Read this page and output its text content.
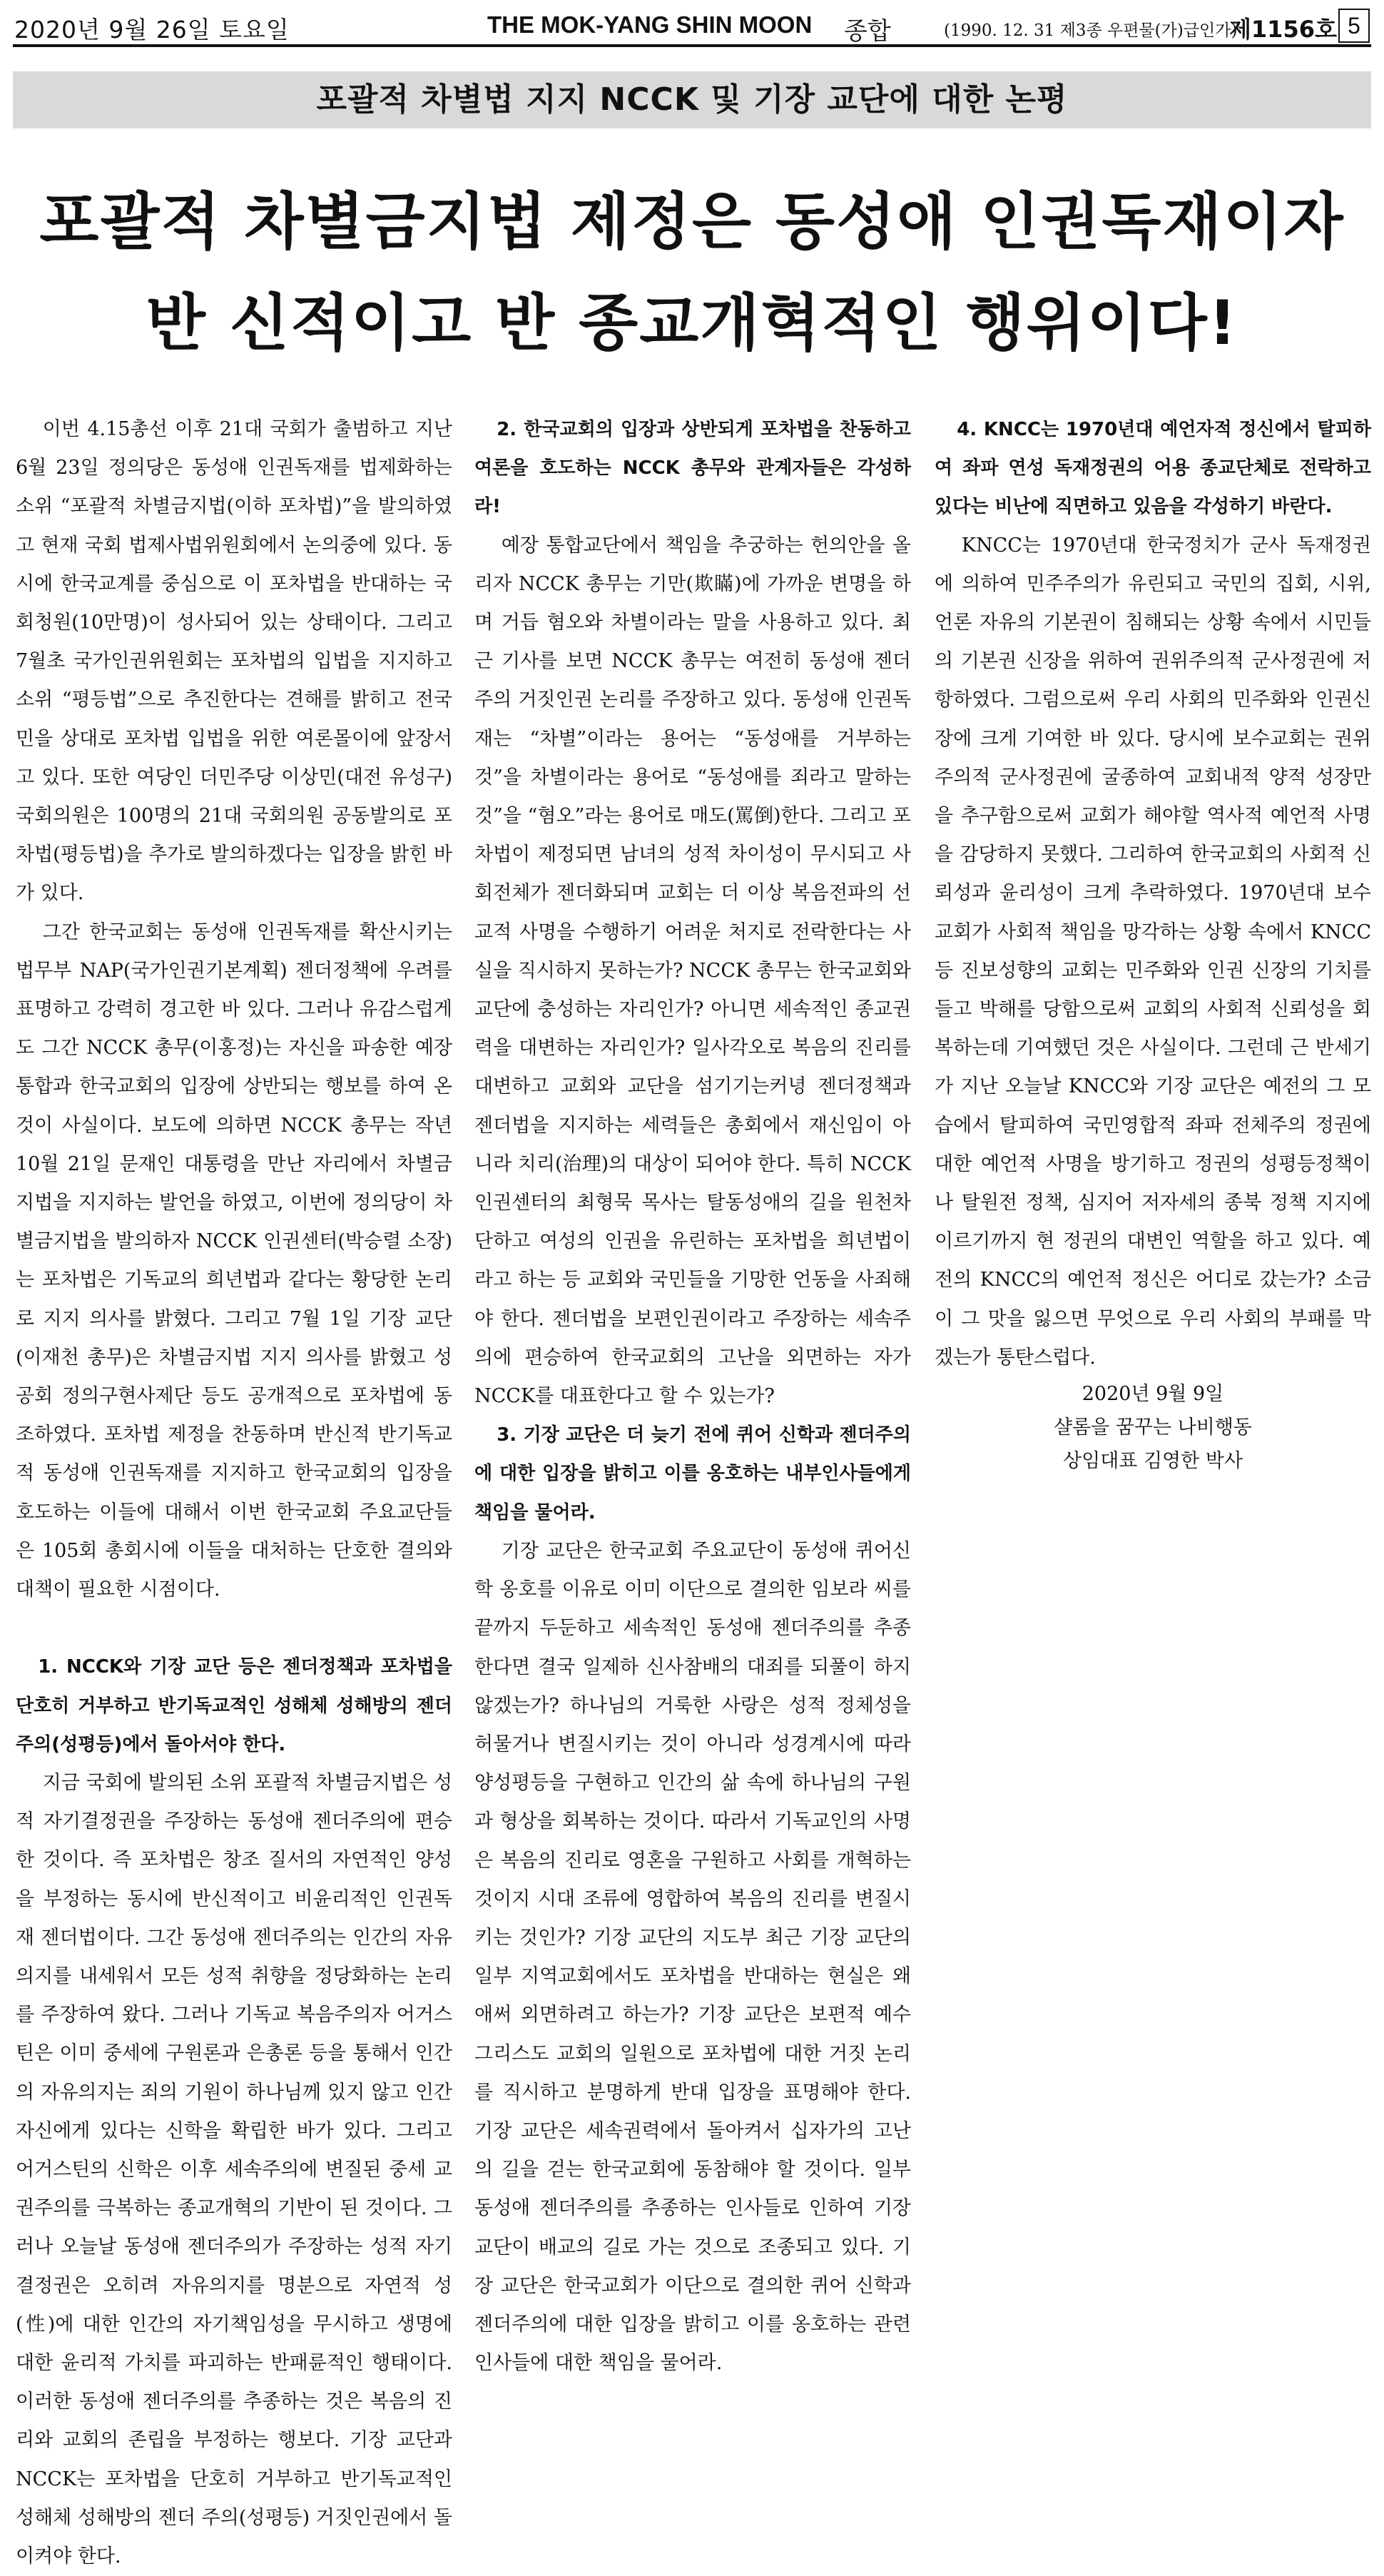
2020년 9월 26일 토요일	THE MOK-YANG SHIN MOON 종합	(1990. 12. 31 제3종 우편물(가)급인가)
제1156호 5
포괄적 차별법 지지 NCCK 및 기장 교단에 대한 논평
포괄적 차별금지법 제정은 동성애 인권독재이자
반 신적이고 반 종교개혁적인 행위이다!

이번 4.15총선 이후 21대 국회가 출범하고 지난 6월 23일 정의당은 동성애 인권독재를 법제화하는 소위 “포괄적 차별금지법(이하 포차법)”을 발의하였고 현재 국회 법제사법위원회에서 논의중에 있다. 동시에 한국교계를 중심으로 이 포차법을 반대하는 국회청원(10만명)이 성사되어 있는 상태이다. 그리고 7월초 국가인권위원회는 포차법의 입법을 지지하고 소위 “평등법”으로 추진한다는 견해를 밝히고 전국민을 상대로 포차법 입법을 위한 여론몰이에 앞장서고 있다. 또한 여당인 더민주당 이상민(대전 유성구) 국회의원은 100명의 21대 국회의원 공동발의로 포차법(평등법)을 추가로 발의하겠다는 입장을 밝힌 바가 있다.

그간 한국교회는 동성애 인권독재를 확산시키는 법무부 NAP(국가인권기본계획) 젠더정책에 우려를 표명하고 강력히 경고한 바 있다. 그러나 유감스럽게도 그간 NCCK 총무(이홍정)는 자신을 파송한 예장통합과 한국교회의 입장에 상반되는 행보를 하여 온 것이 사실이다. 보도에 의하면 NCCK 총무는 작년 10월 21일 문재인 대통령을 만난 자리에서 차별금지법을 지지하는 발언을 하였고, 이번에 정의당이 차별금지법을 발의하자 NCCK 인권센터(박승렬 소장)는 포차법은 기독교의 희년법과 같다는 황당한 논리로 지지 의사를 밝혔다. 그리고 7월 1일 기장 교단(이재천 총무)은 차별금지법 지지 의사를 밝혔고 성공회 정의구현사제단 등도 공개적으로 포차법에 동조하였다. 포차법 제정을 찬동하며 반신적 반기독교적 동성애 인권독재를 지지하고 한국교회의 입장을 호도하는 이들에 대해서 이번 한국교회 주요교단들은 105회 총회시에 이들을 대처하는 단호한 결의와 대책이 필요한 시점이다.

1. NCCK와 기장 교단 등은 젠더정책과 포차법을 단호히 거부하고 반기독교적인 성해체 성해방의 젠더주의(성평등)에서 돌아서야 한다.

지금 국회에 발의된 소위 포괄적 차별금지법은 성적 자기결정권을 주장하는 동성애 젠더주의에 편승한 것이다. 즉 포차법은 창조 질서의 자연적인 양성을 부정하는 동시에 반신적이고 비윤리적인 인권독재 젠더법이다. 그간 동성애 젠더주의는 인간의 자유의지를 내세워서 모든 성적 취향을 정당화하는 논리를 주장하여 왔다. 그러나 기독교 복음주의자 어거스틴은 이미 중세에 구원론과 은총론 등을 통해서 인간의 자유의지는 죄의 기원이 하나님께 있지 않고 인간 자신에게 있다는 신학을 확립한 바가 있다. 그리고 어거스틴의 신학은 이후 세속주의에 변질된 중세 교권주의를 극복하는 종교개혁의 기반이 된 것이다. 그러나 오늘날 동성애 젠더주의가 주장하는 성적 자기결정권은 오히려 자유의지를 명분으로 자연적 성(性)에 대한 인간의 자기책임성을 무시하고 생명에 대한 윤리적 가치를 파괴하는 반패륜적인 행태이다. 이러한 동성애 젠더주의를 추종하는 것은 복음의 진리와 교회의 존립을 부정하는 행보다. 기장 교단과 NCCK는 포차법을 단호히 거부하고 반기독교적인 성해체 성해방의 젠더 주의(성평등) 거짓인권에서 돌이켜야 한다.

2. 한국교회의 입장과 상반되게 포차법을 찬동하고 여론을 호도하는 NCCK 총무와 관계자들은 각성하라!

예장 통합교단에서 책임을 추궁하는 헌의안을 올리자 NCCK 총무는 기만(欺瞞)에 가까운 변명을 하며 거듭 혐오와 차별이라는 말을 사용하고 있다. 최근 기사를 보면 NCCK 총무는 여전히 동성애 젠더주의 거짓인권 논리를 주장하고 있다. 동성애 인권독재는 “차별”이라는 용어는 “동성애를 거부하는 것”을 차별이라는 용어로 “동성애를 죄라고 말하는 것”을 “혐오”라는 용어로 매도(罵倒)한다. 그리고 포차법이 제정되면 남녀의 성적 차이성이 무시되고 사회전체가 젠더화되며 교회는 더 이상 복음전파의 선교적 사명을 수행하기 어려운 처지로 전락한다는 사실을 직시하지 못하는가? NCCK 총무는 한국교회와 교단에 충성하는 자리인가? 아니면 세속적인 종교권력을 대변하는 자리인가? 일사각오로 복음의 진리를 대변하고 교회와 교단을 섬기기는커녕 젠더정책과 젠더법을 지지하는 세력들은 총회에서 재신임이 아니라 치리(治理)의 대상이 되어야 한다. 특히 NCCK 인권센터의 최형묵 목사는 탈동성애의 길을 원천차단하고 여성의 인권을 유린하는 포차법을 희년법이라고 하는 등 교회와 국민들을 기망한 언동을 사죄해야 한다. 젠더법을 보편인권이라고 주장하는 세속주의에 편승하여 한국교회의 고난을 외면하는 자가 NCCK를 대표한다고 할 수 있는가?

3. 기장 교단은 더 늦기 전에 퀴어 신학과 젠더주의에 대한 입장을 밝히고 이를 옹호하는 내부인사들에게 책임을 물어라.

기장 교단은 한국교회 주요교단이 동성애 퀴어신학 옹호를 이유로 이미 이단으로 결의한 임보라 씨를 끝까지 두둔하고 세속적인 동성애 젠더주의를 추종한다면 결국 일제하 신사참배의 대죄를 되풀이 하지 않겠는가? 하나님의 거룩한 사랑은 성적 정체성을 허물거나 변질시키는 것이 아니라 성경계시에 따라 양성평등을 구현하고 인간의 삶 속에 하나님의 구원과 형상을 회복하는 것이다. 따라서 기독교인의 사명은 복음의 진리로 영혼을 구원하고 사회를 개혁하는 것이지 시대 조류에 영합하여 복음의 진리를 변질시키는 것인가? 기장 교단의 지도부 최근 기장 교단의 일부 지역교회에서도 포차법을 반대하는 현실은 왜 애써 외면하려고 하는가? 기장 교단은 보편적 예수 그리스도 교회의 일원으로 포차법에 대한 거짓 논리를 직시하고 분명하게 반대 입장을 표명해야 한다. 기장 교단은 세속권력에서 돌아켜서 십자가의 고난의 길을 걷는 한국교회에 동참해야 할 것이다. 일부 동성애 젠더주의를 추종하는 인사들로 인하여 기장 교단이 배교의 길로 가는 것으로 조종되고 있다. 기장 교단은 한국교회가 이단으로 결의한 퀴어 신학과 젠더주의에 대한 입장을 밝히고 이를 옹호하는 관련 인사들에 대한 책임을 물어라.

4. KNCC는 1970년대 예언자적 정신에서 탈피하여 좌파 연성 독재정권의 어용 종교단체로 전락하고 있다는 비난에 직면하고 있음을 각성하기 바란다.

KNCC는 1970년대 한국정치가 군사 독재정권에 의하여 민주주의가 유린되고 국민의 집회, 시위, 언론 자유의 기본권이 침해되는 상황 속에서 시민들의 기본권 신장을 위하여 권위주의적 군사정권에 저항하였다. 그럼으로써 우리 사회의 민주화와 인권신장에 크게 기여한 바 있다. 당시에 보수교회는 권위주의적 군사정권에 굴종하여 교회내적 양적 성장만을 추구함으로써 교회가 해야할 역사적 예언적 사명을 감당하지 못했다. 그리하여 한국교회의 사회적 신뢰성과 윤리성이 크게 추락하였다. 1970년대 보수교회가 사회적 책임을 망각하는 상황 속에서 KNCC 등 진보성향의 교회는 민주화와 인권 신장의 기치를 들고 박해를 당함으로써 교회의 사회적 신뢰성을 회복하는데 기여했던 것은 사실이다. 그런데 근 반세기가 지난 오늘날 KNCC와 기장 교단은 예전의 그 모습에서 탈피하여 국민영합적 좌파 전체주의 정권에 대한 예언적 사명을 방기하고 정권의 성평등정책이나 탈원전 정책, 심지어 저자세의 종북 정책 지지에 이르기까지 현 정권의 대변인 역할을 하고 있다. 예전의 KNCC의 예언적 정신은 어디로 갔는가? 소금이 그 맛을 잃으면 무엇으로 우리 사회의 부패를 막겠는가 통탄스럽다.

2020년 9월 9일
샬롬을 꿈꾸는 나비행동
상임대표 김영한 박사
